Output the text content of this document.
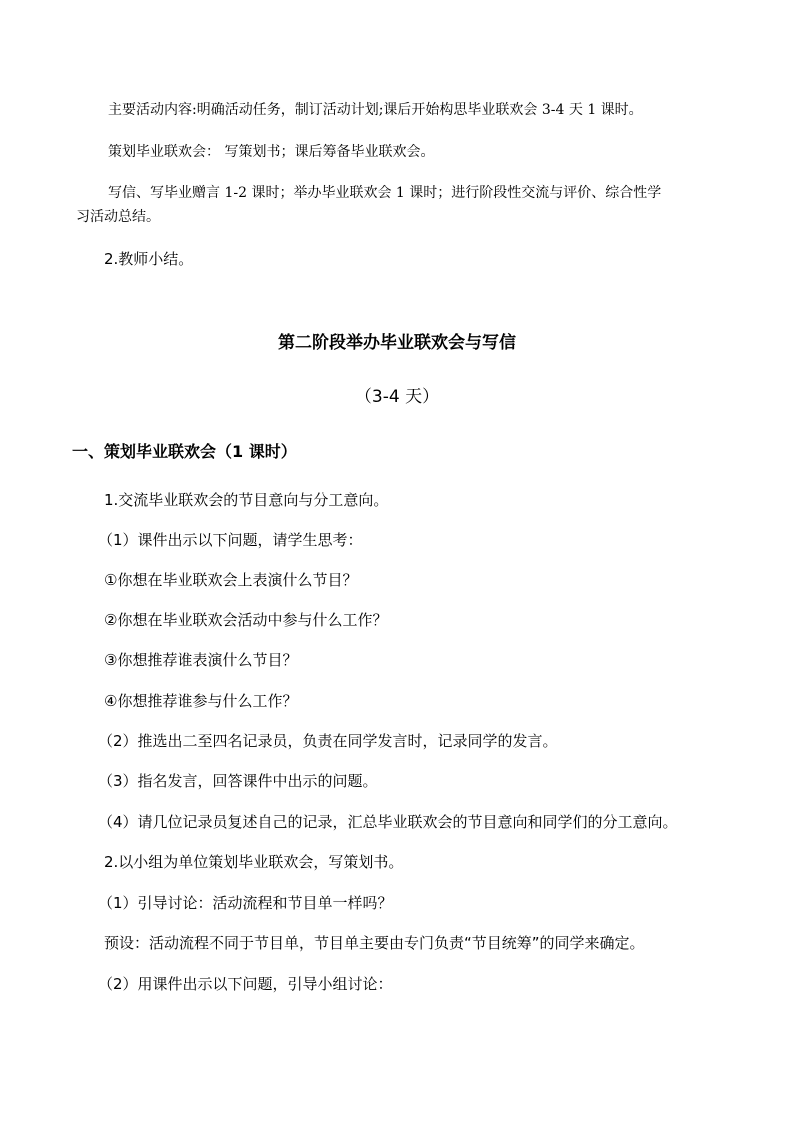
主要活动内容:明确活动任务，制订活动计划;课后开始构思毕业联欢会 3-4 天 1 课时。
策划毕业联欢会： 写策划书；课后筹备毕业联欢会。
写信、写毕业赠言 1-2 课时；举办毕业联欢会 1 课时；进行阶段性交流与评价、综合性学
习活动总结。
2.教师小结。
第二阶段举办毕业联欢会与写信
（3-4 天）
一、策划毕业联欢会（1 课时）
1.交流毕业联欢会的节目意向与分工意向。
（1）课件出示以下问题，请学生思考：
①你想在毕业联欢会上表演什么节目？
②你想在毕业联欢会活动中参与什么工作？
③你想推荐谁表演什么节目？
④你想推荐谁参与什么工作？
（2）推选出二至四名记录员，负责在同学发言时，记录同学的发言。
（3）指名发言，回答课件中出示的问题。
（4）请几位记录员复述自己的记录，汇总毕业联欢会的节目意向和同学们的分工意向。
2.以小组为单位策划毕业联欢会，写策划书。
（1）引导讨论：活动流程和节目单一样吗？
预设：活动流程不同于节目单，节目单主要由专门负责“节目统筹”的同学来确定。
（2）用课件出示以下问题，引导小组讨论：
